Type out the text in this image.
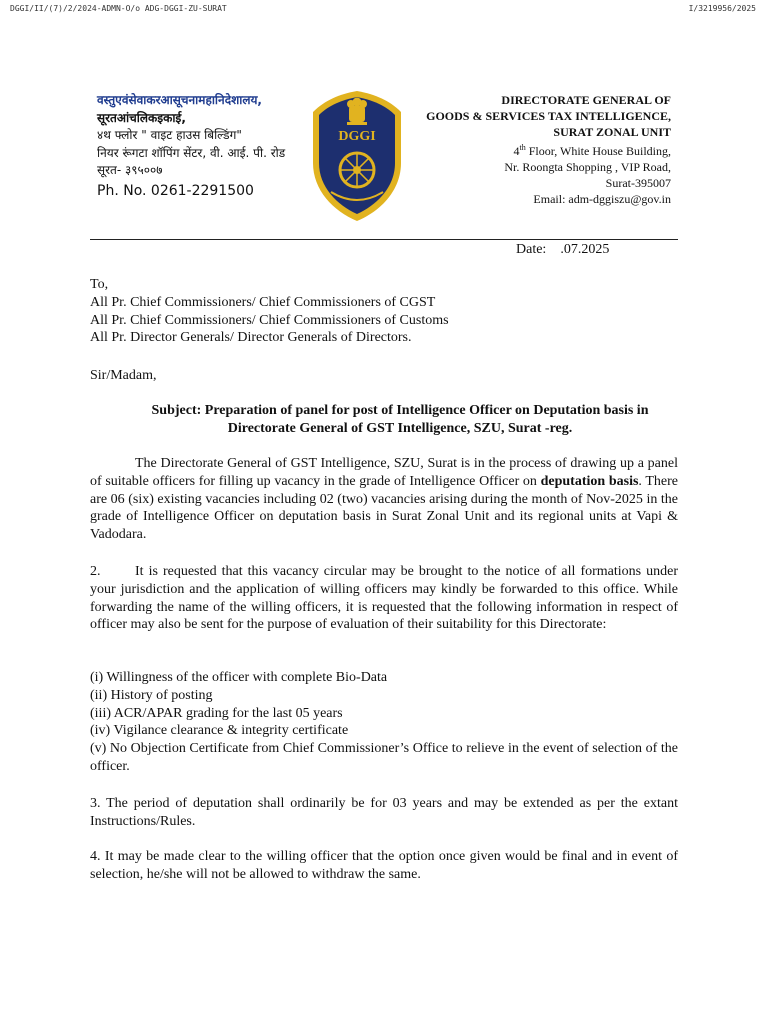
DGGI/II/(7)/2/2024-ADMN-O/o ADG-DGGI-ZU-SURAT	I/3219956/2025
वस्तुएवंसेवाकरआसूचनामहानिदेशालय,
सूरतआंचलिकइकाई,
४थ फ्लोर " वाइट हाउस बिल्डिंग"
नियर रूंगटा शॉपिंग सेंटर, वी. आई. पी. रोड
सूरत- ३९५००७
Ph. No. 0261-2291500
DGGI
DIRECTORATE GENERAL OF
GOODS & SERVICES TAX INTELLIGENCE,
SURAT ZONAL UNIT
4th Floor, White House Building,
Nr. Roongta Shopping , VIP Road,
Surat-395007
Email: adm-dggiszu@gov.in
Date:    .07.2025
To,
All Pr. Chief Commissioners/ Chief Commissioners of CGST
All Pr. Chief Commissioners/ Chief Commissioners of Customs
All Pr. Director Generals/ Director Generals of Directors.
Sir/Madam,
Subject: Preparation of panel for post of Intelligence Officer on Deputation basis in Directorate General of GST Intelligence, SZU, Surat -reg.

The Directorate General of GST Intelligence, SZU, Surat is in the process of drawing up a panel of suitable officers for filling up vacancy in the grade of Intelligence Officer on deputation basis. There are 06 (six) existing vacancies including 02 (two) vacancies arising during the month of Nov-2025 in the grade of Intelligence Officer on deputation basis in Surat Zonal Unit and its regional units at Vapi & Vadodara.

2. It is requested that this vacancy circular may be brought to the notice of all formations under your jurisdiction and the application of willing officers may kindly be forwarded to this office. While forwarding the name of the willing officers, it is requested that the following information in respect of officer may also be sent for the purpose of evaluation of their suitability for this Directorate:

(i) Willingness of the officer with complete Bio-Data
(ii) History of posting
(iii) ACR/APAR grading for the last 05 years
(iv) Vigilance clearance & integrity certificate
(v) No Objection Certificate from Chief Commissioner’s Office to relieve in the event of selection of the officer.

3. The period of deputation shall ordinarily be for 03 years and may be extended as per the extant Instructions/Rules.

4. It may be made clear to the willing officer that the option once given would be final and in event of selection, he/she will not be allowed to withdraw the same.
